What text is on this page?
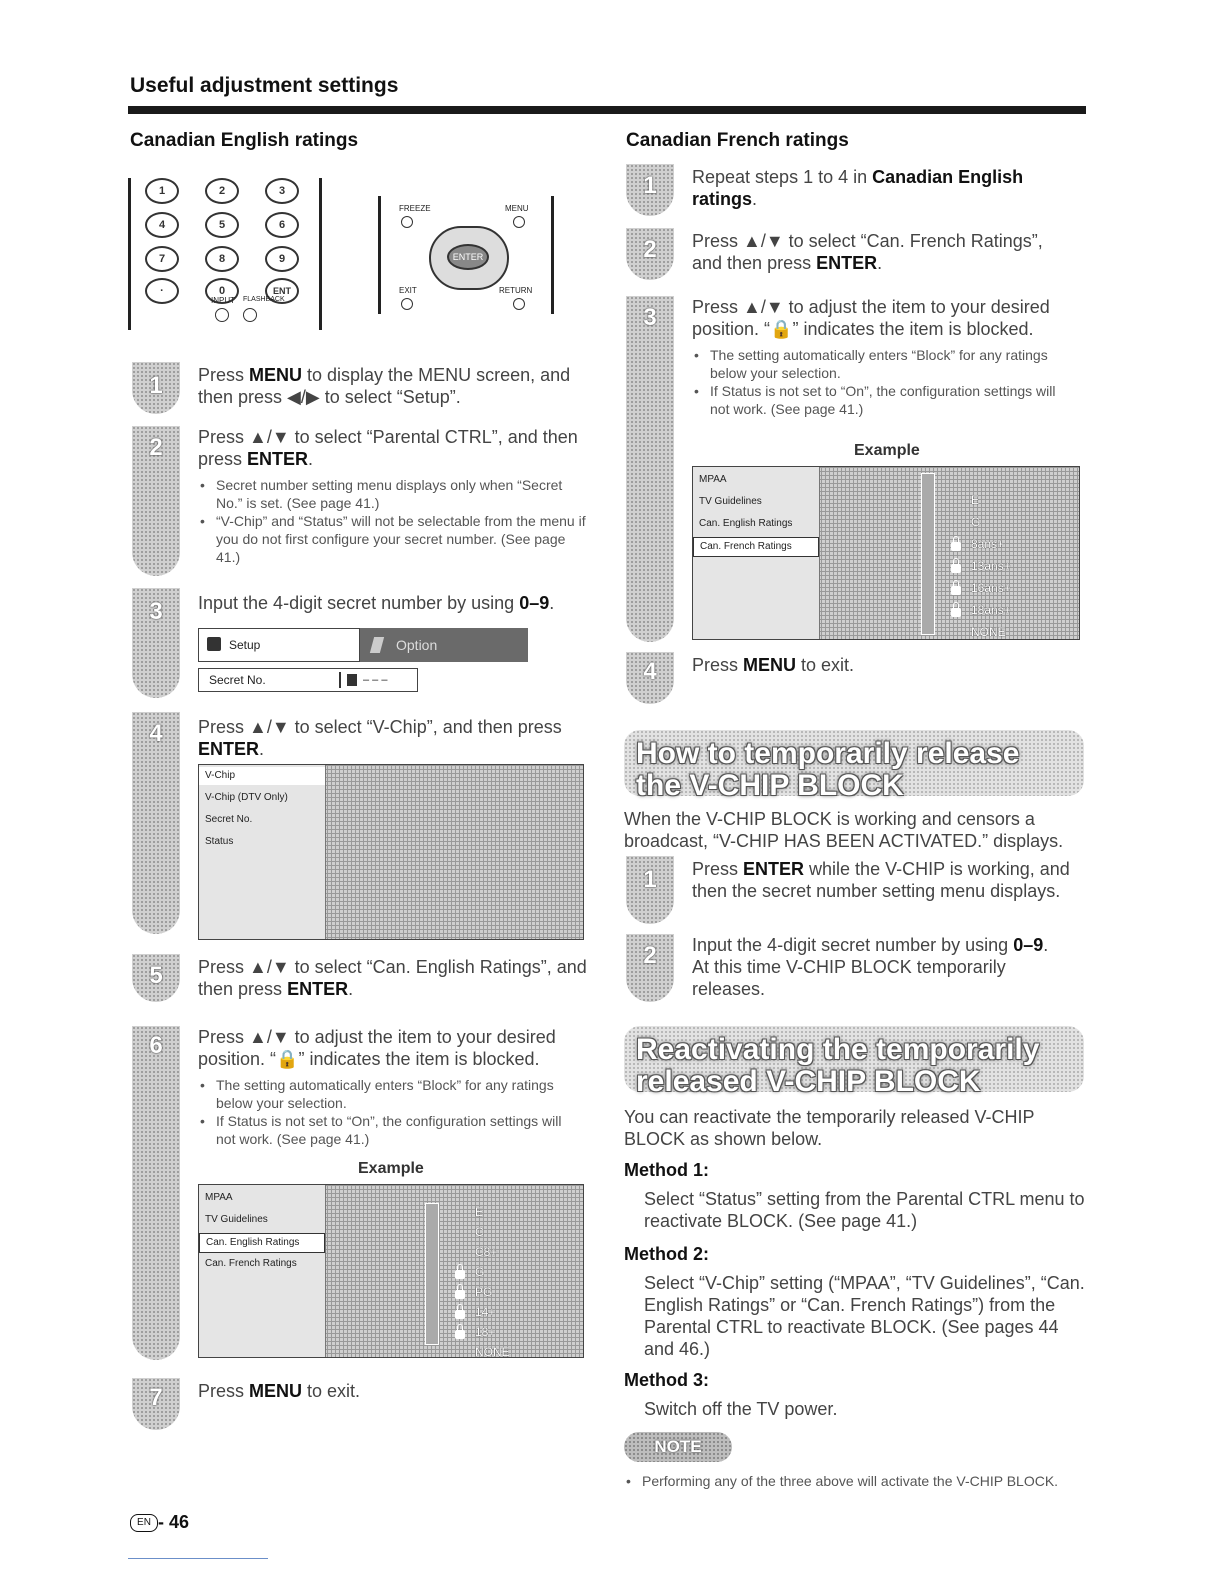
Useful adjustment settings
Canadian English ratings
1	2	3
4	5	6
7	8	9
·	0	ENT
INPUT FLASHBACK
FREEZE	MENU
ENTER
EXIT	RETURN
1	Press MENU to display the MENU screen, and then press ◀/▶ to select “Setup”.
2	Press ▲/▼ to select “Parental CTRL”, and then press ENTER.
• Secret number setting menu displays only when “Secret No.” is set. (See page 41.)
• “V-Chip” and “Status” will not be selectable from the menu if you do not first configure your secret number. (See page 41.)
3	Input the 4-digit secret number by using 0–9.
Setup	Option
Secret No.	– – –
4	Press ▲/▼ to select “V-Chip”, and then press ENTER.
V-Chip
V-Chip (DTV Only)
Secret No.
Status
5	Press ▲/▼ to select “Can. English Ratings”, and then press ENTER.
6	Press ▲/▼ to adjust the item to your desired position. “🔒” indicates the item is blocked.
• The setting automatically enters “Block” for any ratings below your selection.
• If Status is not set to “On”, the configuration settings will not work. (See page 41.)
Example
MPAA
TV Guidelines
Can. English Ratings
Can. French Ratings
E
C
C8+
G
PG
14+
18+
NONE
7	Press MENU to exit.
Canadian French ratings
1	Repeat steps 1 to 4 in Canadian English ratings.
2	Press ▲/▼ to select “Can. French Ratings”, and then press ENTER.
3	Press ▲/▼ to adjust the item to your desired position. “🔒” indicates the item is blocked.
• The setting automatically enters “Block” for any ratings below your selection.
• If Status is not set to “On”, the configuration settings will not work. (See page 41.)
Example
MPAA
TV Guidelines
Can. English Ratings
Can. French Ratings
E
G
8ans+
13ans+
16ans+
18ans+
NONE
4	Press MENU to exit.
How to temporarily release the V-CHIP BLOCK
When the V-CHIP BLOCK is working and censors a broadcast, “V-CHIP HAS BEEN ACTIVATED.” displays.
1	Press ENTER while the V-CHIP is working, and then the secret number setting menu displays.
2	Input the 4-digit secret number by using 0–9. At this time V-CHIP BLOCK temporarily releases.
Reactivating the temporarily released V-CHIP BLOCK
You can reactivate the temporarily released V-CHIP BLOCK as shown below.
Method 1:
Select “Status” setting from the Parental CTRL menu to reactivate BLOCK. (See page 41.)
Method 2:
Select “V-Chip” setting (“MPAA”, “TV Guidelines”, “Can. English Ratings” or “Can. French Ratings”) from the Parental CTRL to reactivate BLOCK. (See pages 44 and 46.)
Method 3:
Switch off the TV power.
NOTE
• Performing any of the three above will activate the V-CHIP BLOCK.
EN - 46
